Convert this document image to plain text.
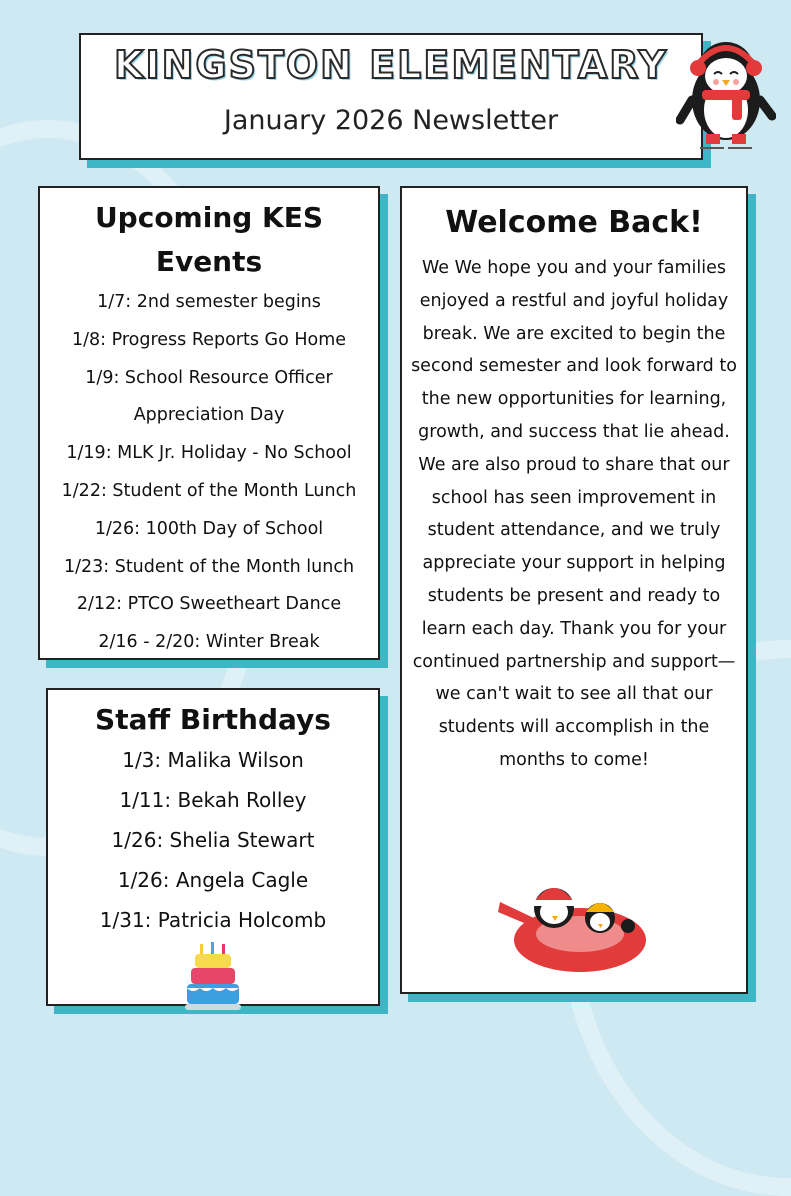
KINGSTON ELEMENTARY
January 2026 Newsletter
Upcoming KES
Events
1/7: 2nd semester begins
1/8: Progress Reports Go Home
1/9: School Resource Officer
Appreciation Day
1/19: MLK Jr. Holiday - No School
1/22: Student of the Month Lunch
1/26: 100th Day of School
1/23: Student of the Month lunch
2/12: PTCO Sweetheart Dance
2/16 - 2/20: Winter Break
Staff Birthdays
1/3: Malika Wilson
1/11: Bekah Rolley
1/26: Shelia Stewart
1/26: Angela Cagle
1/31: Patricia Holcomb
Welcome Back!
We We hope you and your families enjoyed a restful and joyful holiday break. We are excited to begin the second semester and look forward to the new opportunities for learning, growth, and success that lie ahead. We are also proud to share that our school has seen improvement in student attendance, and we truly appreciate your support in helping students be present and ready to learn each day. Thank you for your continued partnership and support—we can't wait to see all that our students will accomplish in the months to come!
